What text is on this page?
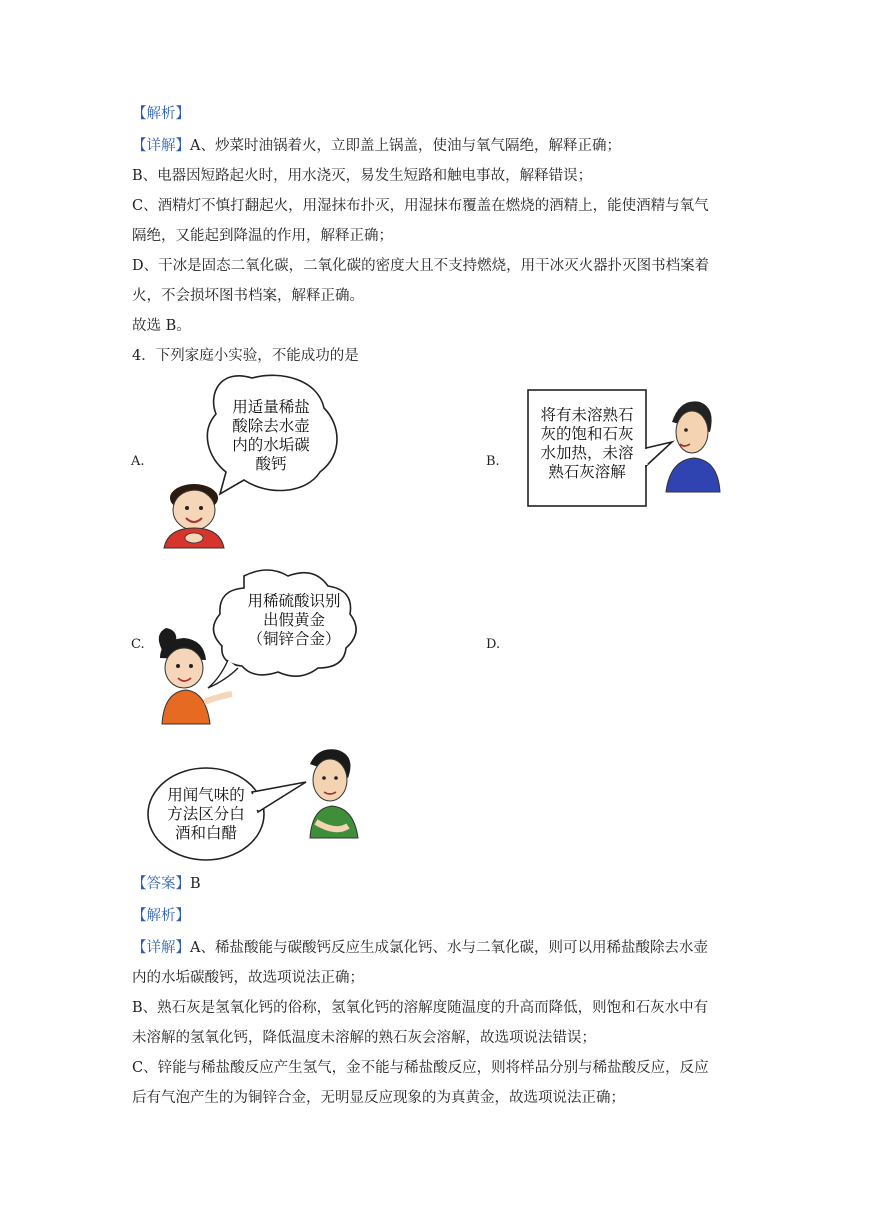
【解析】
【详解】A、炒菜时油锅着火，立即盖上锅盖，使油与氧气隔绝，解释正确；
B、电器因短路起火时，用水浇灭，易发生短路和触电事故，解释错误；
C、酒精灯不慎打翻起火，用湿抹布扑灭，用湿抹布覆盖在燃烧的酒精上，能使酒精与氧气
隔绝，又能起到降温的作用，解释正确；
D、干冰是固态二氧化碳，二氧化碳的密度大且不支持燃烧，用干冰灭火器扑灭图书档案着
火，不会损坏图书档案，解释正确。
故选 B。
4．下列家庭小实验，不能成功的是
A.
用适量稀盐
酸除去水壶
内的水垢碳
酸钙	B.
将有未溶熟石
灰的饱和石灰
水加热，未溶
熟石灰溶解
C.
用稀硫酸识别
出假黄金
（铜锌合金）	D.
用闻气味的
方法区分白
酒和白醋
【答案】B
【解析】
【详解】A、稀盐酸能与碳酸钙反应生成氯化钙、水与二氧化碳，则可以用稀盐酸除去水壶
内的水垢碳酸钙，故选项说法正确；
B、熟石灰是氢氧化钙的俗称，氢氧化钙的溶解度随温度的升高而降低，则饱和石灰水中有
未溶解的氢氧化钙，降低温度未溶解的熟石灰会溶解，故选项说法错误；
C、锌能与稀盐酸反应产生氢气，金不能与稀盐酸反应，则将样品分别与稀盐酸反应，反应
后有气泡产生的为铜锌合金，无明显反应现象的为真黄金，故选项说法正确；
